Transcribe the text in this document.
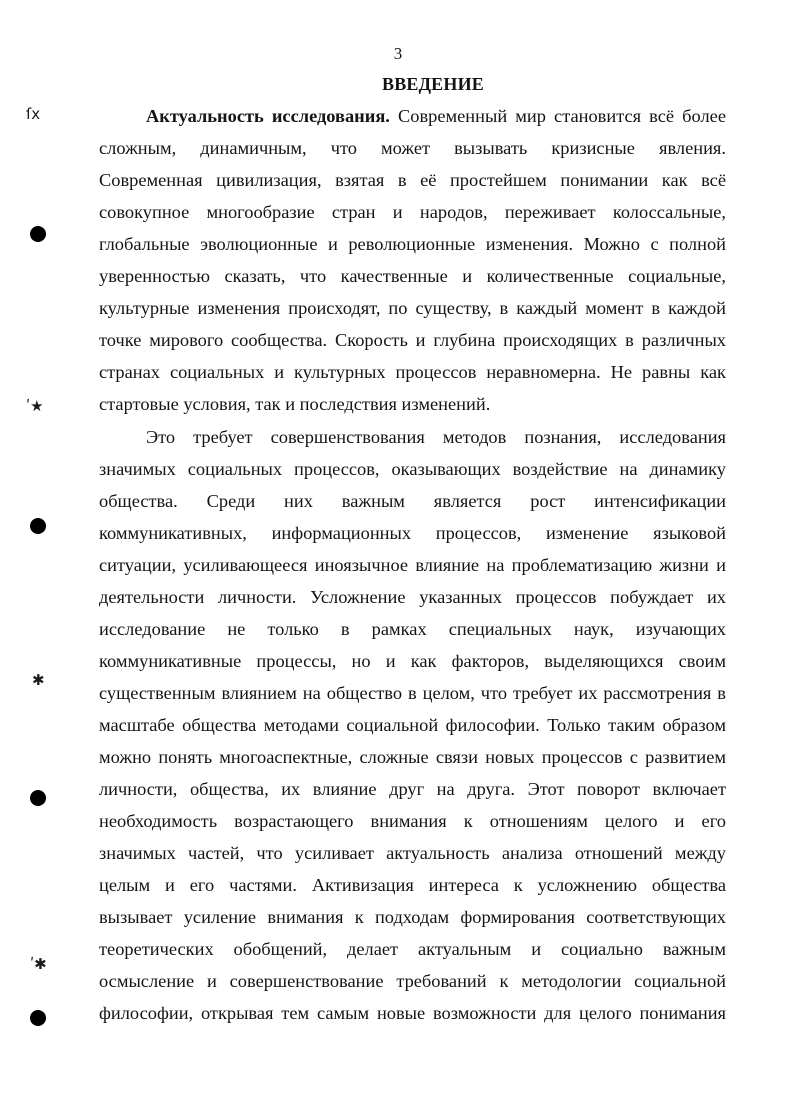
3
ВВЕДЕНИЕ
Актуальность исследования. Современный мир становится всё более
сложным, динамичным, что может вызывать кризисные явления.
Современная цивилизация, взятая в её простейшем понимании как всё
совокупное многообразие стран и народов, переживает колоссальные,
глобальные эволюционные и революционные изменения. Можно с полной
уверенностью сказать, что качественные и количественные социальные,
культурные изменения происходят, по существу, в каждый момент в каждой
точке мирового сообщества. Скорость и глубина происходящих в различных
странах социальных и культурных процессов неравномерна. Не равны как
стартовые условия, так и последствия изменений.
Это требует совершенствования методов познания, исследования
значимых социальных процессов, оказывающих воздействие на динамику
общества. Среди них важным является рост интенсификации
коммуникативных, информационных процессов, изменение языковой
ситуации, усиливающееся иноязычное влияние на проблематизацию жизни и
деятельности личности. Усложнение указанных процессов побуждает их
исследование не только в рамках специальных наук, изучающих
коммуникативные процессы, но и как факторов, выделяющихся своим
существенным влиянием на общество в целом, что требует их рассмотрения в
масштабе общества методами социальной философии. Только таким образом
можно понять многоаспектные, сложные связи новых процессов с развитием
личности, общества, их влияние друг на друга. Этот поворот включает
необходимость возрастающего внимания к отношениям целого и его
значимых частей, что усиливает актуальность анализа отношений между
целым и его частями. Активизация интереса к усложнению общества
вызывает усиление внимания к подходам формирования соответствующих
теоретических обобщений, делает актуальным и социально важным
осмысление и совершенствование требований к методологии социальной
философии, открывая тем самым новые возможности для целого понимания
ſx
ʹ★
✱
ʹ✱
